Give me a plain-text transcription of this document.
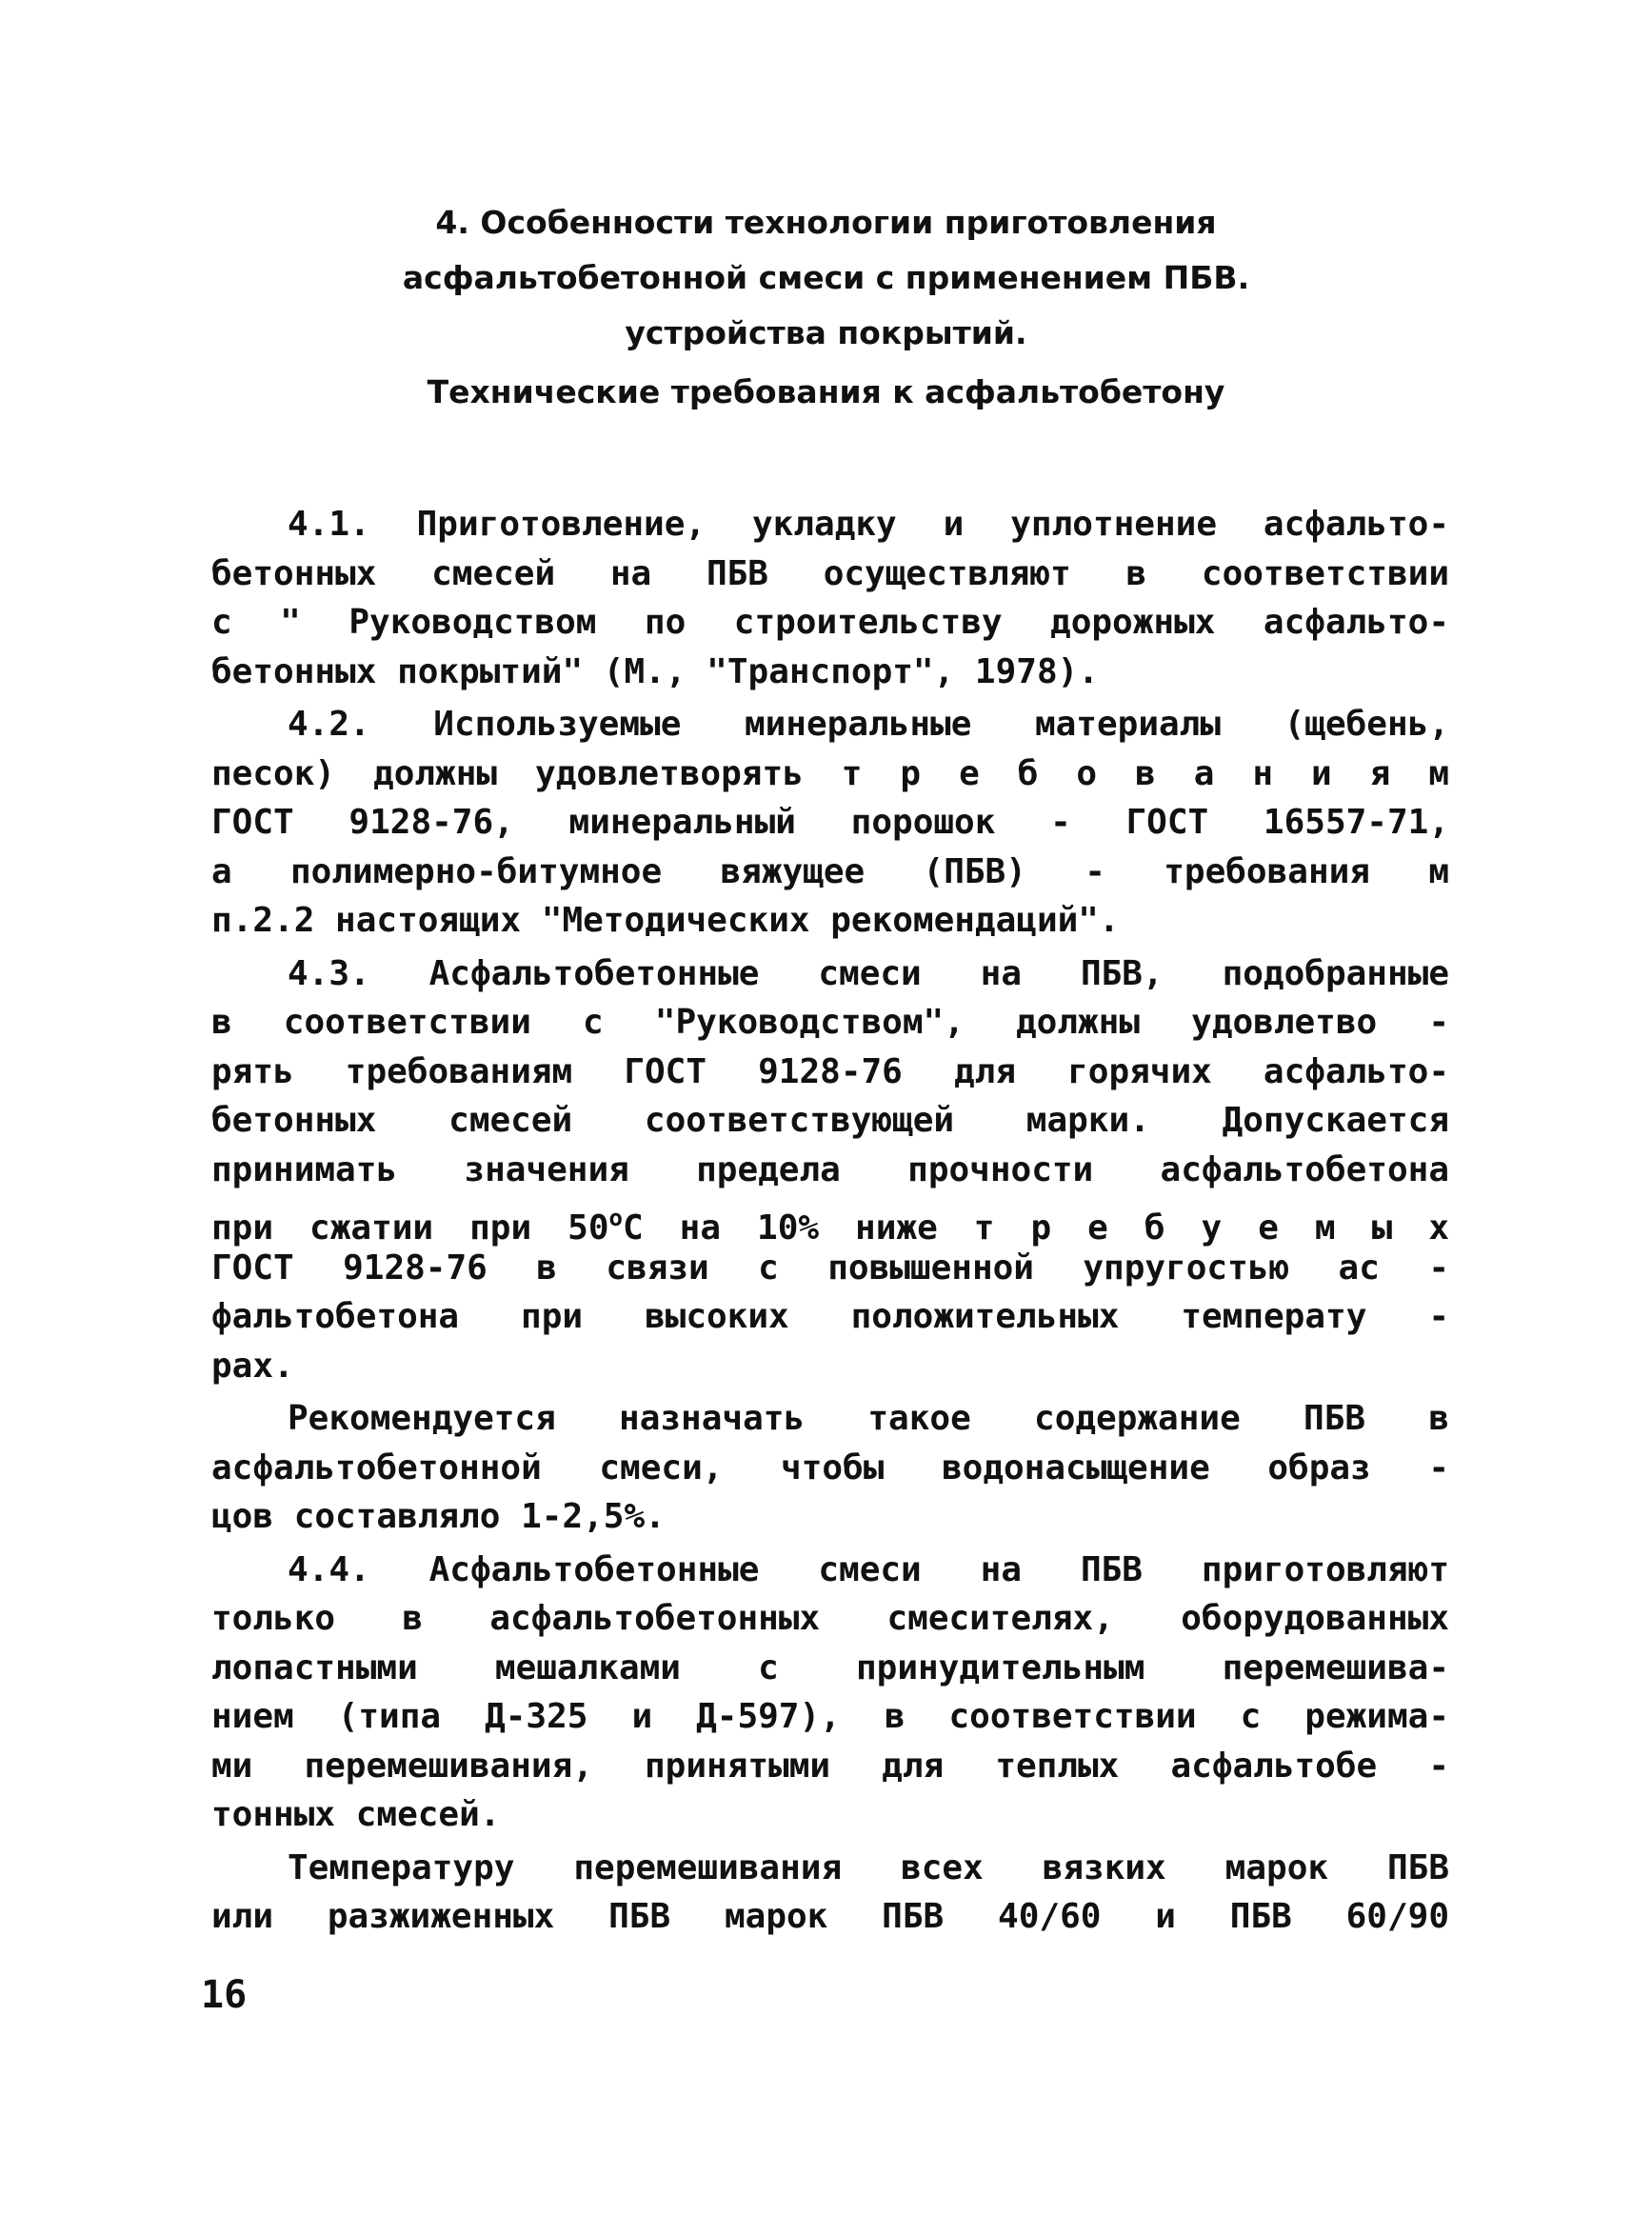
4. Особенности технологии приготовления
асфальтобетонной смеси с применением ПБВ.
устройства покрытий.
Технические требования к асфальтобетону
4.1. Приготовление, укладку и уплотнение асфальто-
бетонных смесей на ПБВ осуществляют в соответствии
с " Руководством по строительству дорожных асфальто-
бетонных покрытий" (М., "Транспорт", 1978).
4.2. Используемые минеральные материалы (щебень,
песок) должны удовлетворять т р е б о в а н и я м
ГОСТ 9128-76, минеральный порошок - ГОСТ 16557-71,
а полимерно-битумное вяжущее (ПБВ) - требования м
п.2.2 настоящих "Методических рекомендаций".
4.3. Асфальтобетонные смеси на ПБВ, подобранные
в соответствии с "Руководством", должны удовлетво -
рять требованиям ГОСТ 9128-76 для горячих асфальто-
бетонных смесей соответствующей марки. Допускается
принимать значения предела прочности асфальтобетона
при сжатии при $50^оС$ на 10% ниже т р е б у е м ы х
ГОСТ 9128-76 в связи с повышенной упругостью ас -
фальтобетона при высоких положительных температу -
рах.
Рекомендуется назначать такое содержание ПБВ в
асфальтобетонной смеси, чтобы водонасыщение образ -
цов составляло 1-2,5%.
4.4. Асфальтобетонные смеси на ПБВ приготовляют
только в асфальтобетонных смесителях, оборудованных
лопастными мешалками с принудительным перемешива-
нием (типа Д-325 и Д-597), в соответствии с режима-
ми перемешивания, принятыми для теплых асфальтобе -
тонных смесей.
Температуру перемешивания всех вязких марок ПБВ
или разжиженных ПБВ марок ПБВ 40/60 и ПБВ 60/90
16
